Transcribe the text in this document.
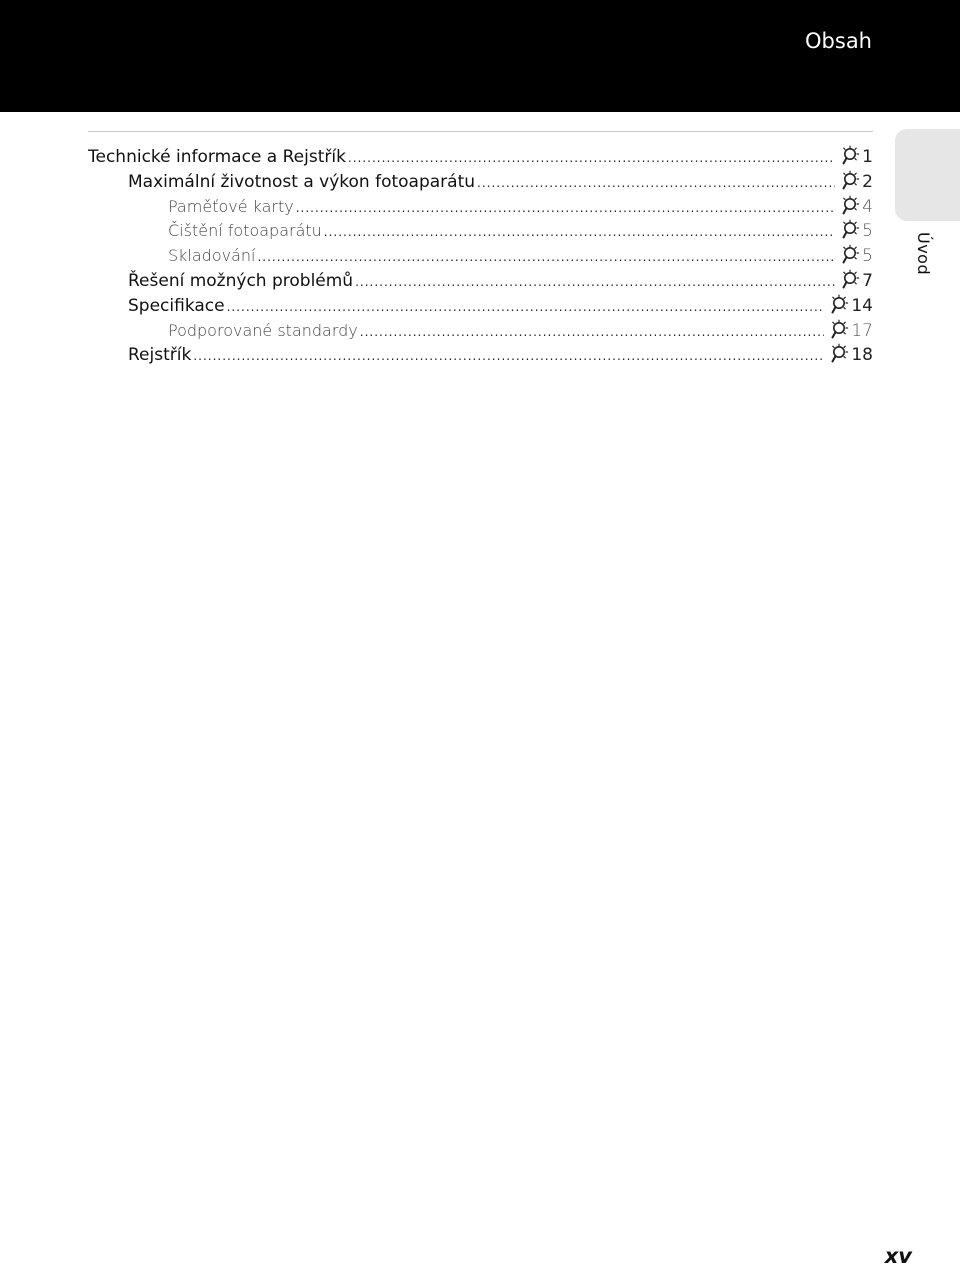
Obsah
Technické informace a Rejstřík .....	1
Maximální životnost a výkon fotoaparátu .....	2
Paměťové karty .....	4
Čištění fotoaparátu .....	5
Skladování .....	5
Řešení možných problémů .....	7
Specifikace .....	14
Podporované standardy .....	17
Rejstřík .....	18
Úvod
xv
